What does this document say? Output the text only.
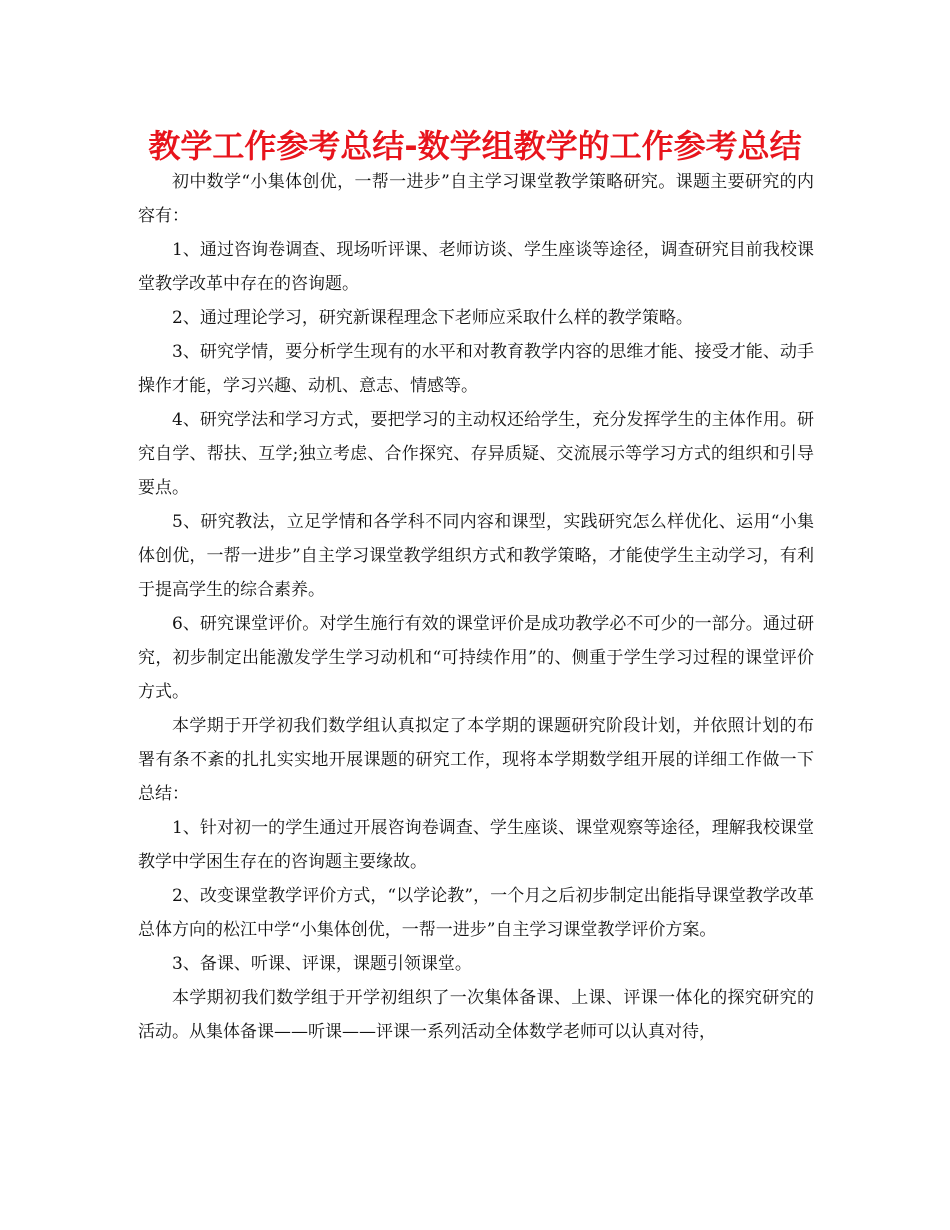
教学工作参考总结-数学组教学的工作参考总结

初中数学“小集体创优，一帮一进步”自主学习课堂教学策略研究。课题主要研究的内容有：

1、通过咨询卷调查、现场听评课、老师访谈、学生座谈等途径，调查研究目前我校课堂教学改革中存在的咨询题。

2、通过理论学习，研究新课程理念下老师应采取什么样的教学策略。

3、研究学情，要分析学生现有的水平和对教育教学内容的思维才能、接受才能、动手操作才能，学习兴趣、动机、意志、情感等。

4、研究学法和学习方式，要把学习的主动权还给学生，充分发挥学生的主体作用。研究自学、帮扶、互学;独立考虑、合作探究、存异质疑、交流展示等学习方式的组织和引导要点。

5、研究教法，立足学情和各学科不同内容和课型，实践研究怎么样优化、运用“小集体创优，一帮一进步”自主学习课堂教学组织方式和教学策略，才能使学生主动学习，有利于提高学生的综合素养。

6、研究课堂评价。对学生施行有效的课堂评价是成功教学必不可少的一部分。通过研究，初步制定出能激发学生学习动机和“可持续作用”的、侧重于学生学习过程的课堂评价方式。

本学期于开学初我们数学组认真拟定了本学期的课题研究阶段计划，并依照计划的布署有条不紊的扎扎实实地开展课题的研究工作，现将本学期数学组开展的详细工作做一下总结：

1、针对初一的学生通过开展咨询卷调查、学生座谈、课堂观察等途径，理解我校课堂教学中学困生存在的咨询题主要缘故。

2、改变课堂教学评价方式，“以学论教”，一个月之后初步制定出能指导课堂教学改革总体方向的松江中学“小集体创优，一帮一进步”自主学习课堂教学评价方案。

3、备课、听课、评课，课题引领课堂。

本学期初我们数学组于开学初组织了一次集体备课、上课、评课一体化的探究研究的活动。从集体备课——听课——评课一系列活动全体数学老师可以认真对待，
